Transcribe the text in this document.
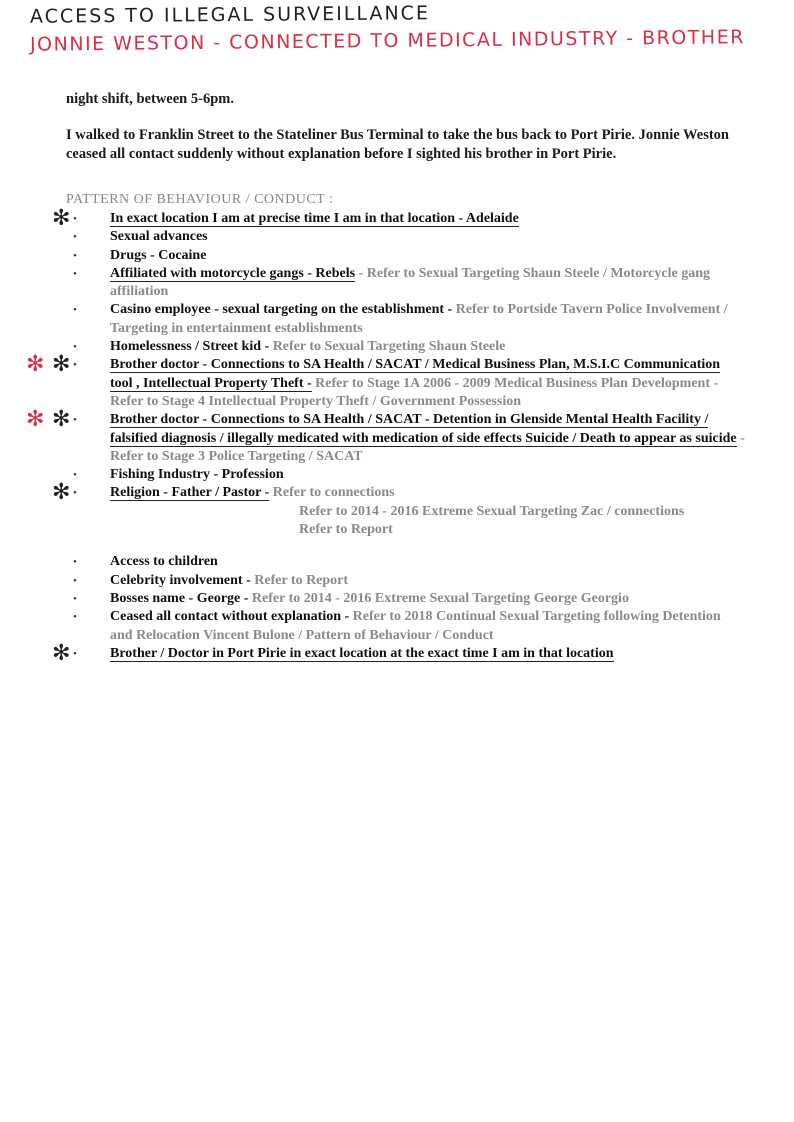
ACCESS TO ILLEGAL SURVEILLANCE
JONNIE WESTON - CONNECTED TO MEDICAL INDUSTRY - BROTHER

night shift, between 5-6pm.

I walked to Franklin Street to the Stateliner Bus Terminal to take the bus back to Port Pirie. Jonnie Weston ceased all contact suddenly without explanation before I sighted his brother in Port Pirie.

PATTERN OF BEHAVIOUR / CONDUCT :

✻ • In exact location I am at precise time I am in that location - Adelaide
• Sexual advances
• Drugs - Cocaine
• Affiliated with motorcycle gangs - Rebels - Refer to Sexual Targeting Shaun Steele / Motorcycle gang affiliation
• Casino employee - sexual targeting on the establishment - Refer to Portside Tavern Police Involvement / Targeting in entertainment establishments
• Homelessness / Street kid - Refer to Sexual Targeting Shaun Steele
✻ ✻ • Brother doctor - Connections to SA Health / SACAT / Medical Business Plan, M.S.I.C Communication tool , Intellectual Property Theft - Refer to Stage 1A 2006 - 2009 Medical Business Plan Development - Refer to Stage 4 Intellectual Property Theft / Government Possession
✻ ✻ • Brother doctor - Connections to SA Health / SACAT - Detention in Glenside Mental Health Facility / falsified diagnosis / illegally medicated with medication of side effects Suicide / Death to appear as suicide - Refer to Stage 3 Police Targeting / SACAT
• Fishing Industry - Profession
✻ • Religion - Father / Pastor - Refer to connections
Refer to 2014 - 2016 Extreme Sexual Targeting Zac / connections
Refer to Report
• Access to children
• Celebrity involvement - Refer to Report
• Bosses name - George - Refer to 2014 - 2016 Extreme Sexual Targeting George Georgio
• Ceased all contact without explanation - Refer to 2018 Continual Sexual Targeting following Detention and Relocation Vincent Bulone / Pattern of Behaviour / Conduct
✻ • Brother / Doctor in Port Pirie in exact location at the exact time I am in that location
